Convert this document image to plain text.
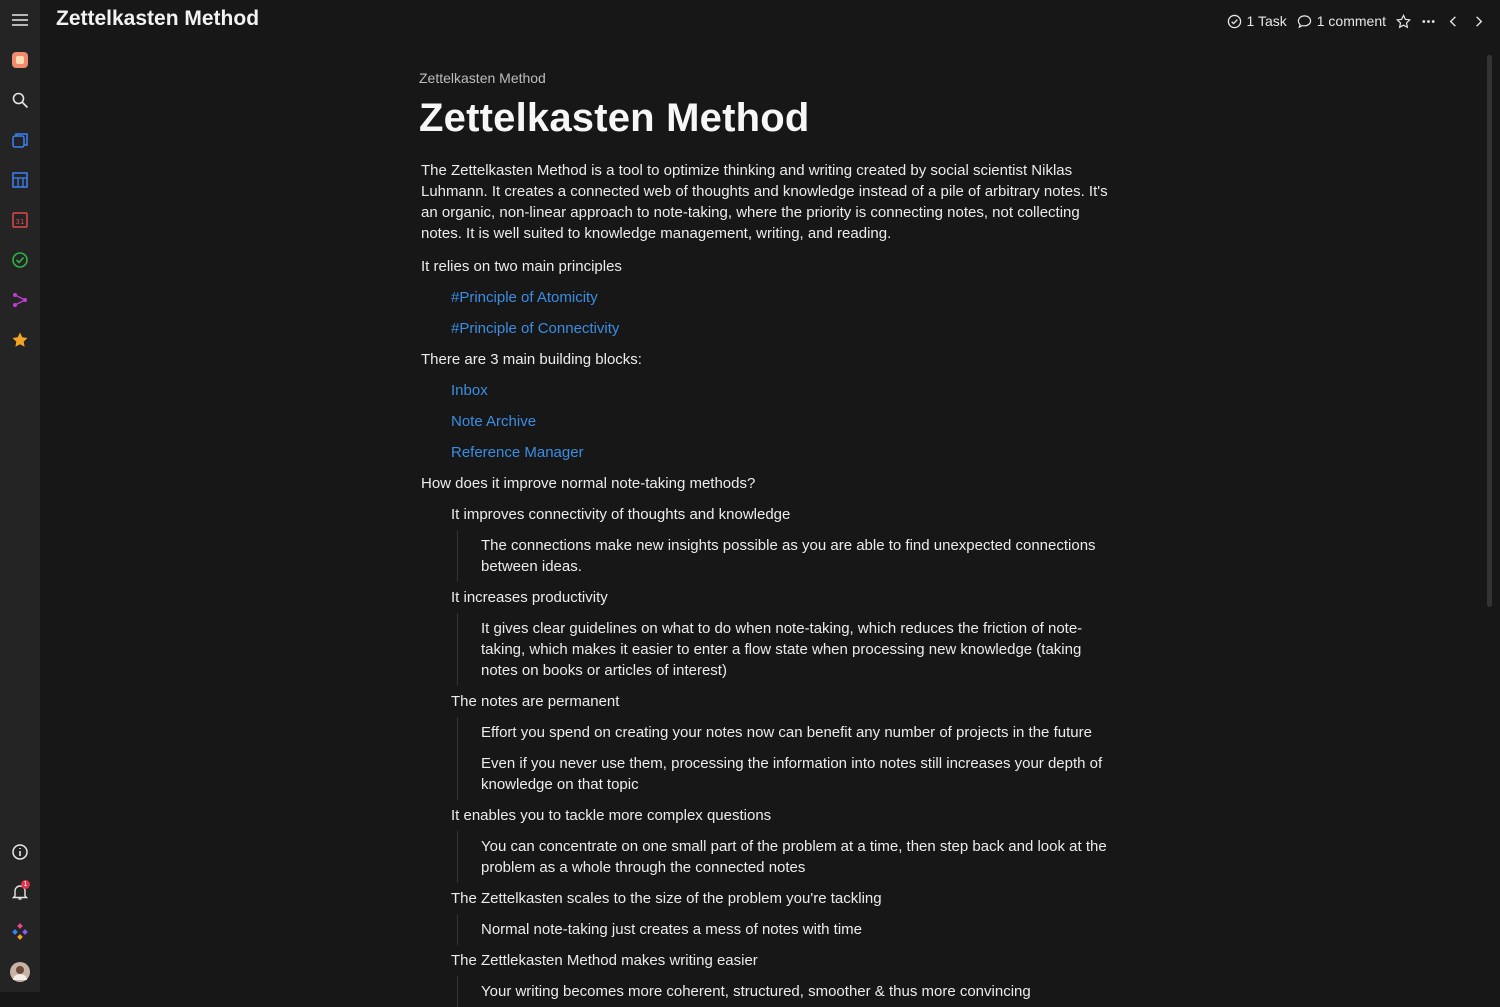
31
1
Zettelkasten Method	1 Task 1 comment
Zettelkasten Method
Zettelkasten Method
The Zettelkasten Method is a tool to optimize thinking and writing created by social scientist Niklas Luhmann. It creates a connected web of thoughts and knowledge instead of a pile of arbitrary notes. It's an organic, non-linear approach to note-taking, where the priority is connecting notes, not collecting notes. It is well suited to knowledge management, writing, and reading.
It relies on two main principles
#Principle of Atomicity
#Principle of Connectivity
There are 3 main building blocks:
Inbox
Note Archive
Reference Manager
How does it improve normal note-taking methods?
It improves connectivity of thoughts and knowledge
The connections make new insights possible as you are able to find unexpected connections between ideas.
It increases productivity
It gives clear guidelines on what to do when note-taking, which reduces the friction of note-taking, which makes it easier to enter a flow state when processing new knowledge (taking notes on books or articles of interest)
The notes are permanent
Effort you spend on creating your notes now can benefit any number of projects in the future
Even if you never use them, processing the information into notes still increases your depth of knowledge on that topic
It enables you to tackle more complex questions
You can concentrate on one small part of the problem at a time, then step back and look at the problem as a whole through the connected notes
The Zettelkasten scales to the size of the problem you're tackling
Normal note-taking just creates a mess of notes with time
The Zettlekasten Method makes writing easier
Your writing becomes more coherent, structured, smoother & thus more convincing
